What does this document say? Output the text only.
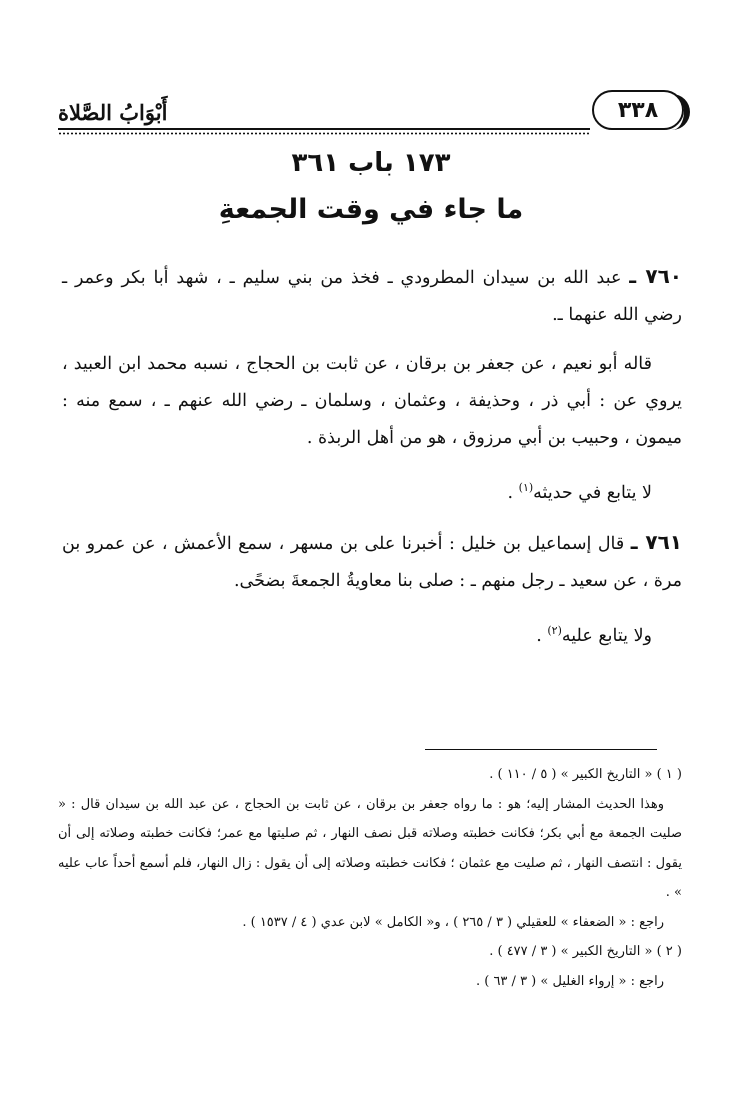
٣٣٨
أَبْوَابُ الصَّلاة
١٧٣ باب ٣٦١
ما جاء في وقت الجمعةِ

٧٦٠ ـ عبد الله بن سيدان المطرودي ـ فخذ من بني سليم ـ ، شهد أبا بكر وعمر ـ رضي الله عنهما ـ.

قاله أبو نعيم ، عن جعفر بن برقان ، عن ثابت بن الحجاج ، نسبه محمد ابن العبيد ، يروي عن : أبي ذر ، وحذيفة ، وعثمان ، وسلمان ـ رضي الله عنهم ـ ، سمع منه : ميمون ، وحبيب بن أبي مرزوق ، هو من أهل الربذة .

لا يتابع في حديثه$^{(١)}$ .

٧٦١ ـ قال إسماعيل بن خليل : أخبرنا على بن مسهر ، سمع الأعمش ، عن عمرو بن مرة ، عن سعيد ـ رجل منهم ـ : صلى بنا معاويةُ الجمعةَ بضحًى.

ولا يتابع عليه$^{(٢)}$ .

( ١ ) « التاريخ الكبير » ( ٥ / ١١٠ ) .

وهذا الحديث المشار إليه؛ هو : ما رواه جعفر بن برقان ، عن ثابت بن الحجاج ، عن عبد الله بن سيدان قال : « صليت الجمعة مع أبي بكر؛ فكانت خطبته وصلاته قبل نصف النهار ، ثم صليتها مع عمر؛ فكانت خطبته وصلاته إلى أن يقول : انتصف النهار ، ثم صليت مع عثمان ؛ فكانت خطبته وصلاته إلى أن يقول : زال النهار، فلم أسمع أحداً عاب عليه » .

راجع : « الضعفاء » للعقيلي ( ٣ / ٢٦٥ ) ، و« الكامل » لابن عدي ( ٤ / ١٥٣٧ ) .

( ٢ ) « التاريخ الكبير » ( ٣ / ٤٧٧ ) .

راجع : « إرواء الغليل » ( ٣ / ٦٣ ) .
